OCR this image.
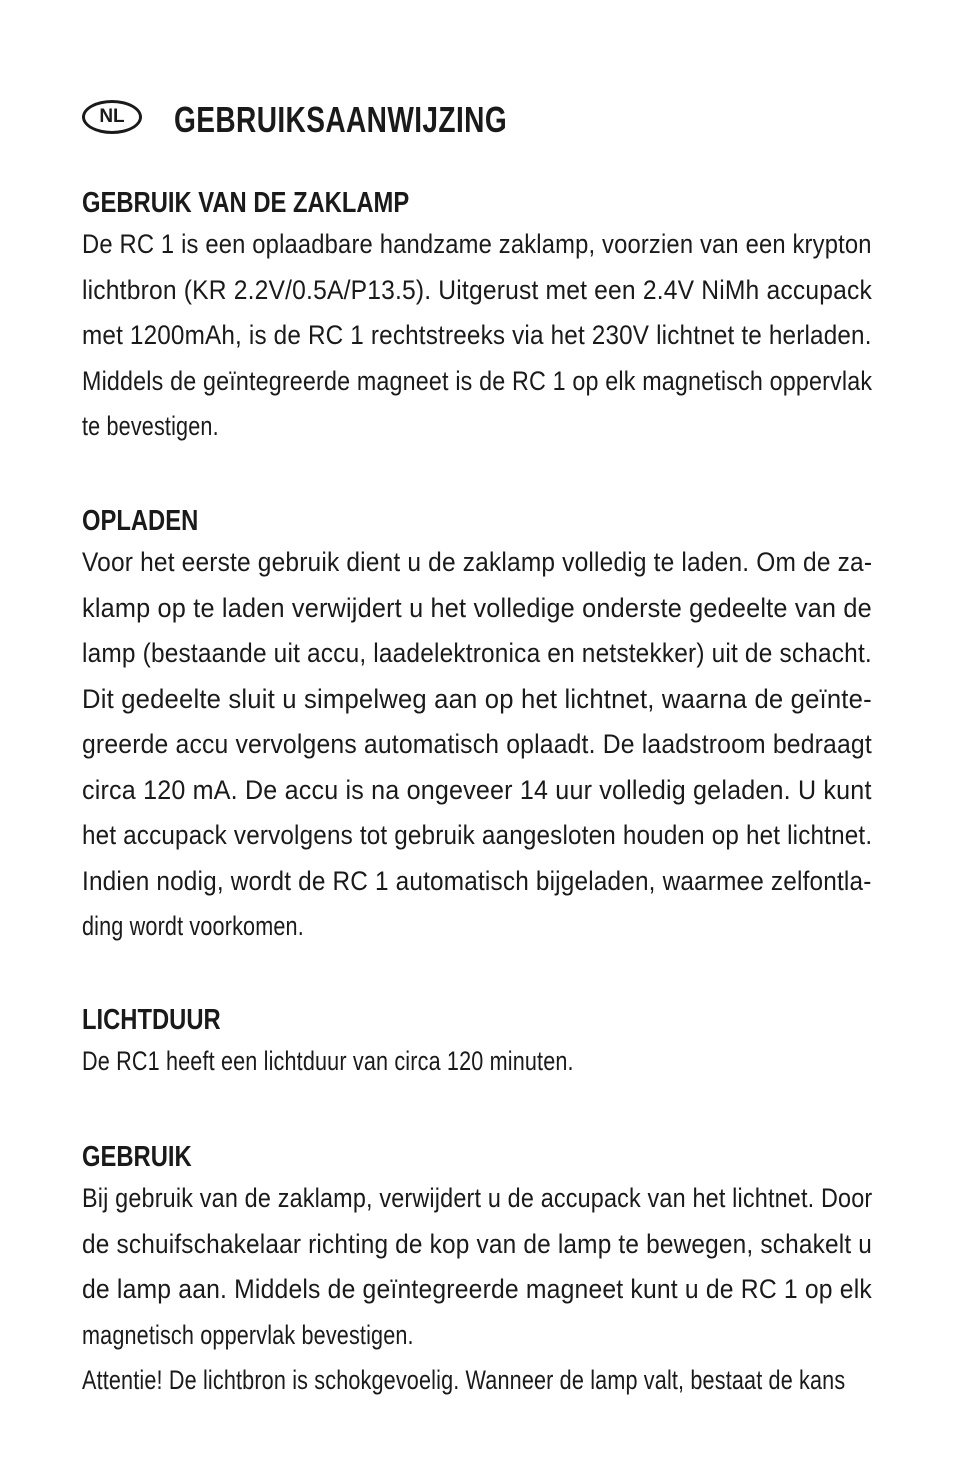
NL	GEBRUIKSAANWIJZING
GEBRUIK VAN DE ZAKLAMP
De RC 1 is een oplaadbare handzame zaklamp, voorzien van een krypton
lichtbron (KR 2.2V/0.5A/P13.5). Uitgerust met een 2.4V NiMh accupack
met 1200mAh, is de RC 1 rechtstreeks via het 230V lichtnet te herladen.
Middels de geïntegreerde magneet is de RC 1 op elk magnetisch oppervlak
te bevestigen.
OPLADEN
Voor het eerste gebruik dient u de zaklamp volledig te laden. Om de za-
klamp op te laden verwijdert u het volledige onderste gedeelte van de
lamp (bestaande uit accu, laadelektronica en netstekker) uit de schacht.
Dit gedeelte sluit u simpelweg aan op het lichtnet, waarna de geïnte-
greerde accu vervolgens automatisch oplaadt. De laadstroom bedraagt
circa 120 mA. De accu is na ongeveer 14 uur volledig geladen. U kunt
het accupack vervolgens tot gebruik aangesloten houden op het lichtnet.
Indien nodig, wordt de RC 1 automatisch bijgeladen, waarmee zelfontla-
ding wordt voorkomen.
LICHTDUUR
De RC1 heeft een lichtduur van circa 120 minuten.
GEBRUIK
Bij gebruik van de zaklamp, verwijdert u de accupack van het lichtnet. Door
de schuifschakelaar richting de kop van de lamp te bewegen, schakelt u
de lamp aan. Middels de geïntegreerde magneet kunt u de RC 1 op elk
magnetisch oppervlak bevestigen.
Attentie! De lichtbron is schokgevoelig. Wanneer de lamp valt, bestaat de kans
